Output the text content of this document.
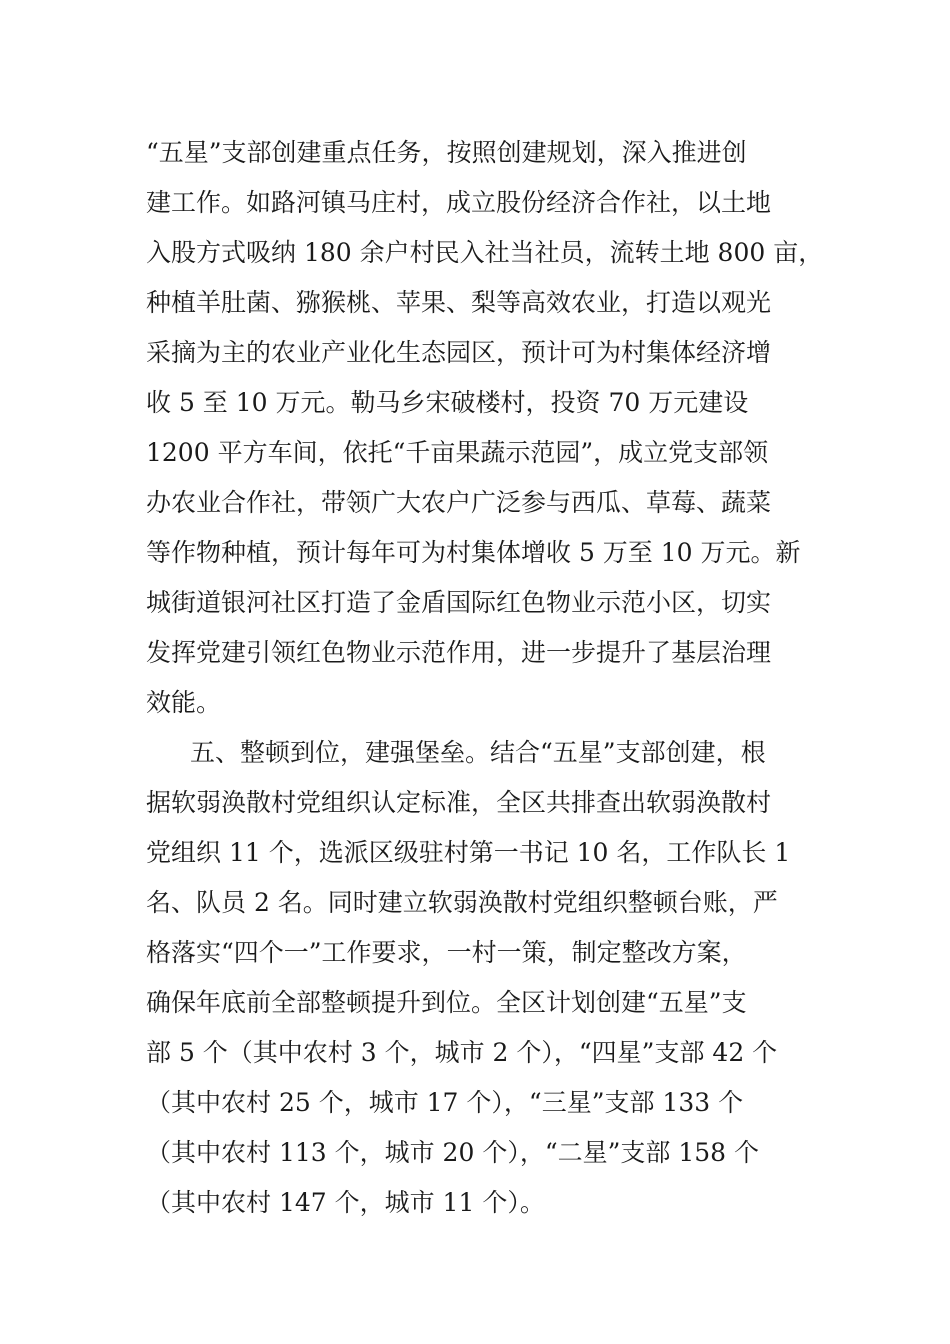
“五星”支部创建重点任务，按照创建规划，深入推进创
建工作。如路河镇马庄村，成立股份经济合作社，以土地
入股方式吸纳 180 余户村民入社当社员，流转土地 800 亩，
种植羊肚菌、猕猴桃、苹果、梨等高效农业，打造以观光
采摘为主的农业产业化生态园区，预计可为村集体经济增
收 5 至 10 万元。勒马乡宋破楼村，投资 70 万元建设
1200 平方车间，依托“千亩果蔬示范园”，成立党支部领
办农业合作社，带领广大农户广泛参与西瓜、草莓、蔬菜
等作物种植，预计每年可为村集体增收 5 万至 10 万元。新
城街道银河社区打造了金盾国际红色物业示范小区，切实
发挥党建引领红色物业示范作用，进一步提升了基层治理
效能。
五、整顿到位，建强堡垒。结合“五星”支部创建，根
据软弱涣散村党组织认定标准，全区共排查出软弱涣散村
党组织 11 个，选派区级驻村第一书记 10 名，工作队长 1
名、队员 2 名。同时建立软弱涣散村党组织整顿台账，严
格落实“四个一”工作要求，一村一策，制定整改方案，
确保年底前全部整顿提升到位。全区计划创建“五星”支
部 5 个（其中农村 3 个，城市 2 个），“四星”支部 42 个
（其中农村 25 个，城市 17 个），“三星”支部 133 个
（其中农村 113 个，城市 20 个），“二星”支部 158 个
（其中农村 147 个，城市 11 个）。
